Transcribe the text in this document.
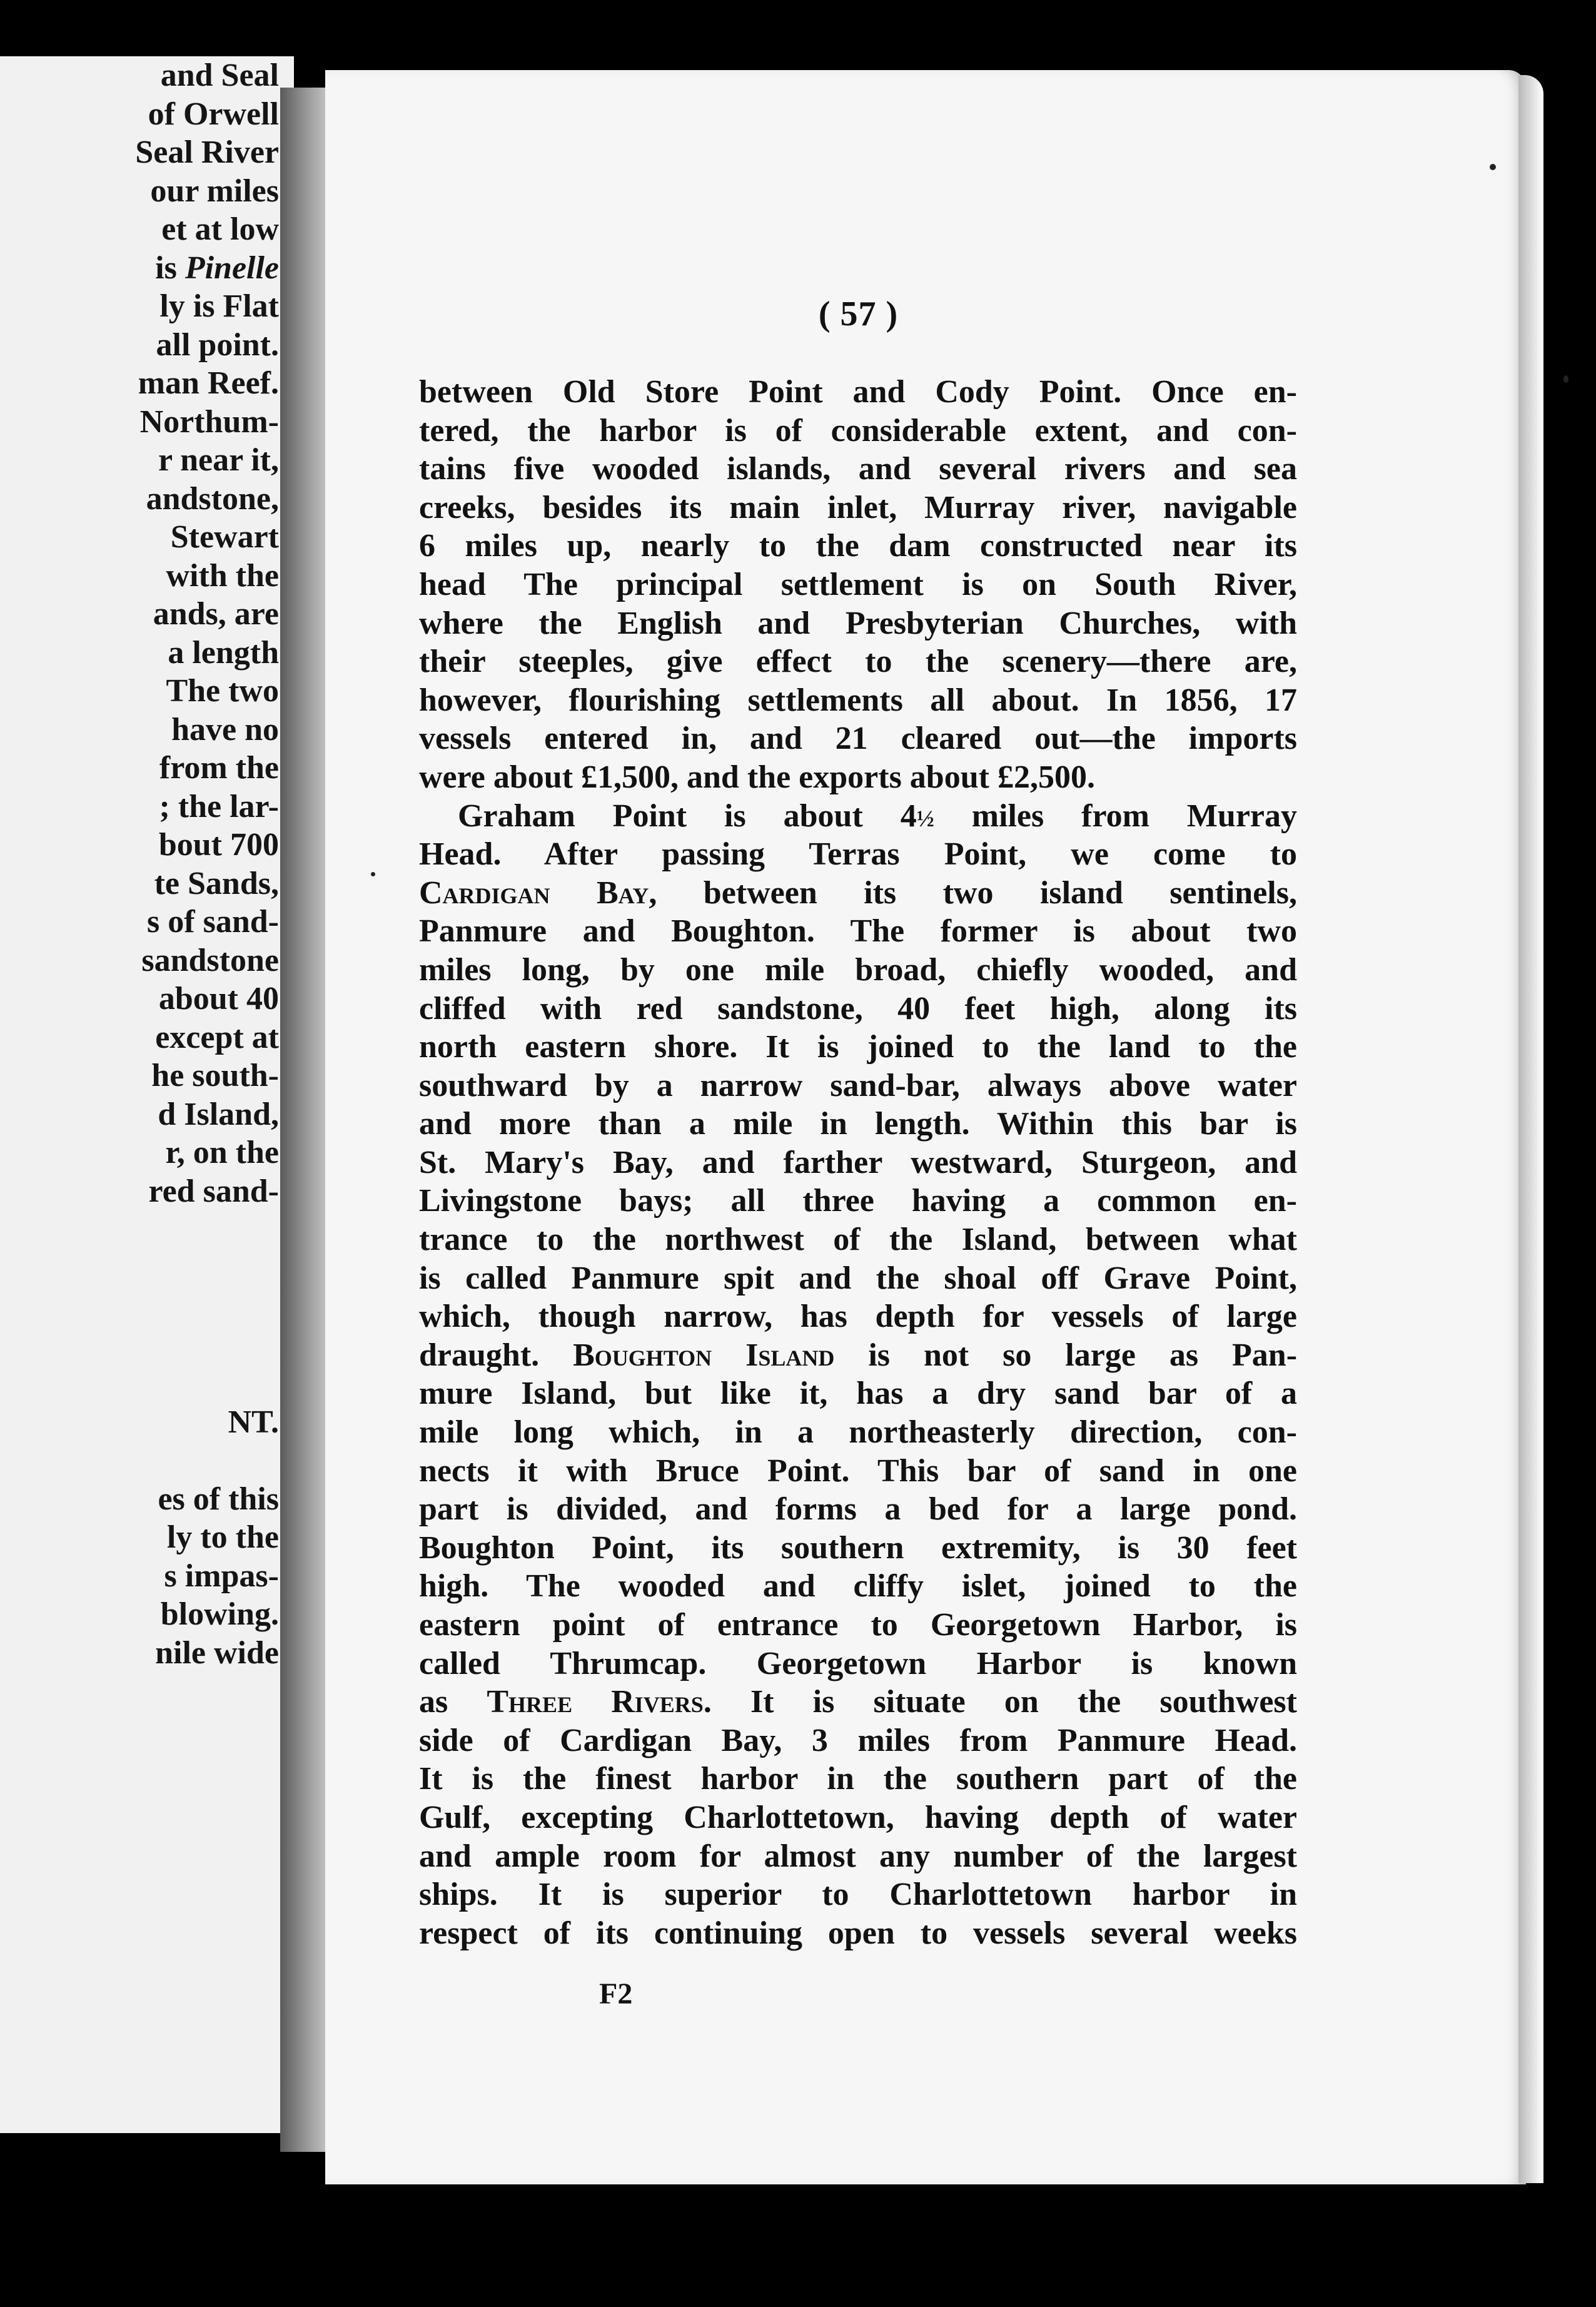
and Seal
of Orwell
Seal River
our miles
et at low
is Pinelle
ly is Flat
all point.
man Reef.
Northum-
r near it,
andstone,
Stewart
with the
ands, are
a length
The two
have no
from the
; the lar-
bout 700
te Sands,
s of sand-
sandstone
about 40
except at
he south-
d Island,
r, on the
red sand-
NT.
es of this
ly to the
s impas-
blowing.
nile wide
( 57 )
between Old Store Point and Cody Point. Once en-
tered, the harbor is of considerable extent, and con-
tains five wooded islands, and several rivers and sea
creeks, besides its main inlet, Murray river, navigable
6 miles up, nearly to the dam constructed near its
head The principal settlement is on South River,
where the English and Presbyterian Churches, with
their steeples, give effect to the scenery—there are,
however, flourishing settlements all about. In 1856, 17
vessels entered in, and 21 cleared out—the imports
were about £1,500, and the exports about £2,500.
Graham Point is about 4½ miles from Murray
Head. After passing Terras Point, we come to
Cardigan Bay, between its two island sentinels,
Panmure and Boughton. The former is about two
miles long, by one mile broad, chiefly wooded, and
cliffed with red sandstone, 40 feet high, along its
north eastern shore. It is joined to the land to the
southward by a narrow sand-bar, always above water
and more than a mile in length. Within this bar is
St. Mary's Bay, and farther westward, Sturgeon, and
Livingstone bays; all three having a common en-
trance to the northwest of the Island, between what
is called Panmure spit and the shoal off Grave Point,
which, though narrow, has depth for vessels of large
draught. Boughton Island is not so large as Pan-
mure Island, but like it, has a dry sand bar of a
mile long which, in a northeasterly direction, con-
nects it with Bruce Point. This bar of sand in one
part is divided, and forms a bed for a large pond.
Boughton Point, its southern extremity, is 30 feet
high. The wooded and cliffy islet, joined to the
eastern point of entrance to Georgetown Harbor, is
called Thrumcap. Georgetown Harbor is known
as Three Rivers. It is situate on the southwest
side of Cardigan Bay, 3 miles from Panmure Head.
It is the finest harbor in the southern part of the
Gulf, excepting Charlottetown, having depth of water
and ample room for almost any number of the largest
ships. It is superior to Charlottetown harbor in
respect of its continuing open to vessels several weeks
F2
